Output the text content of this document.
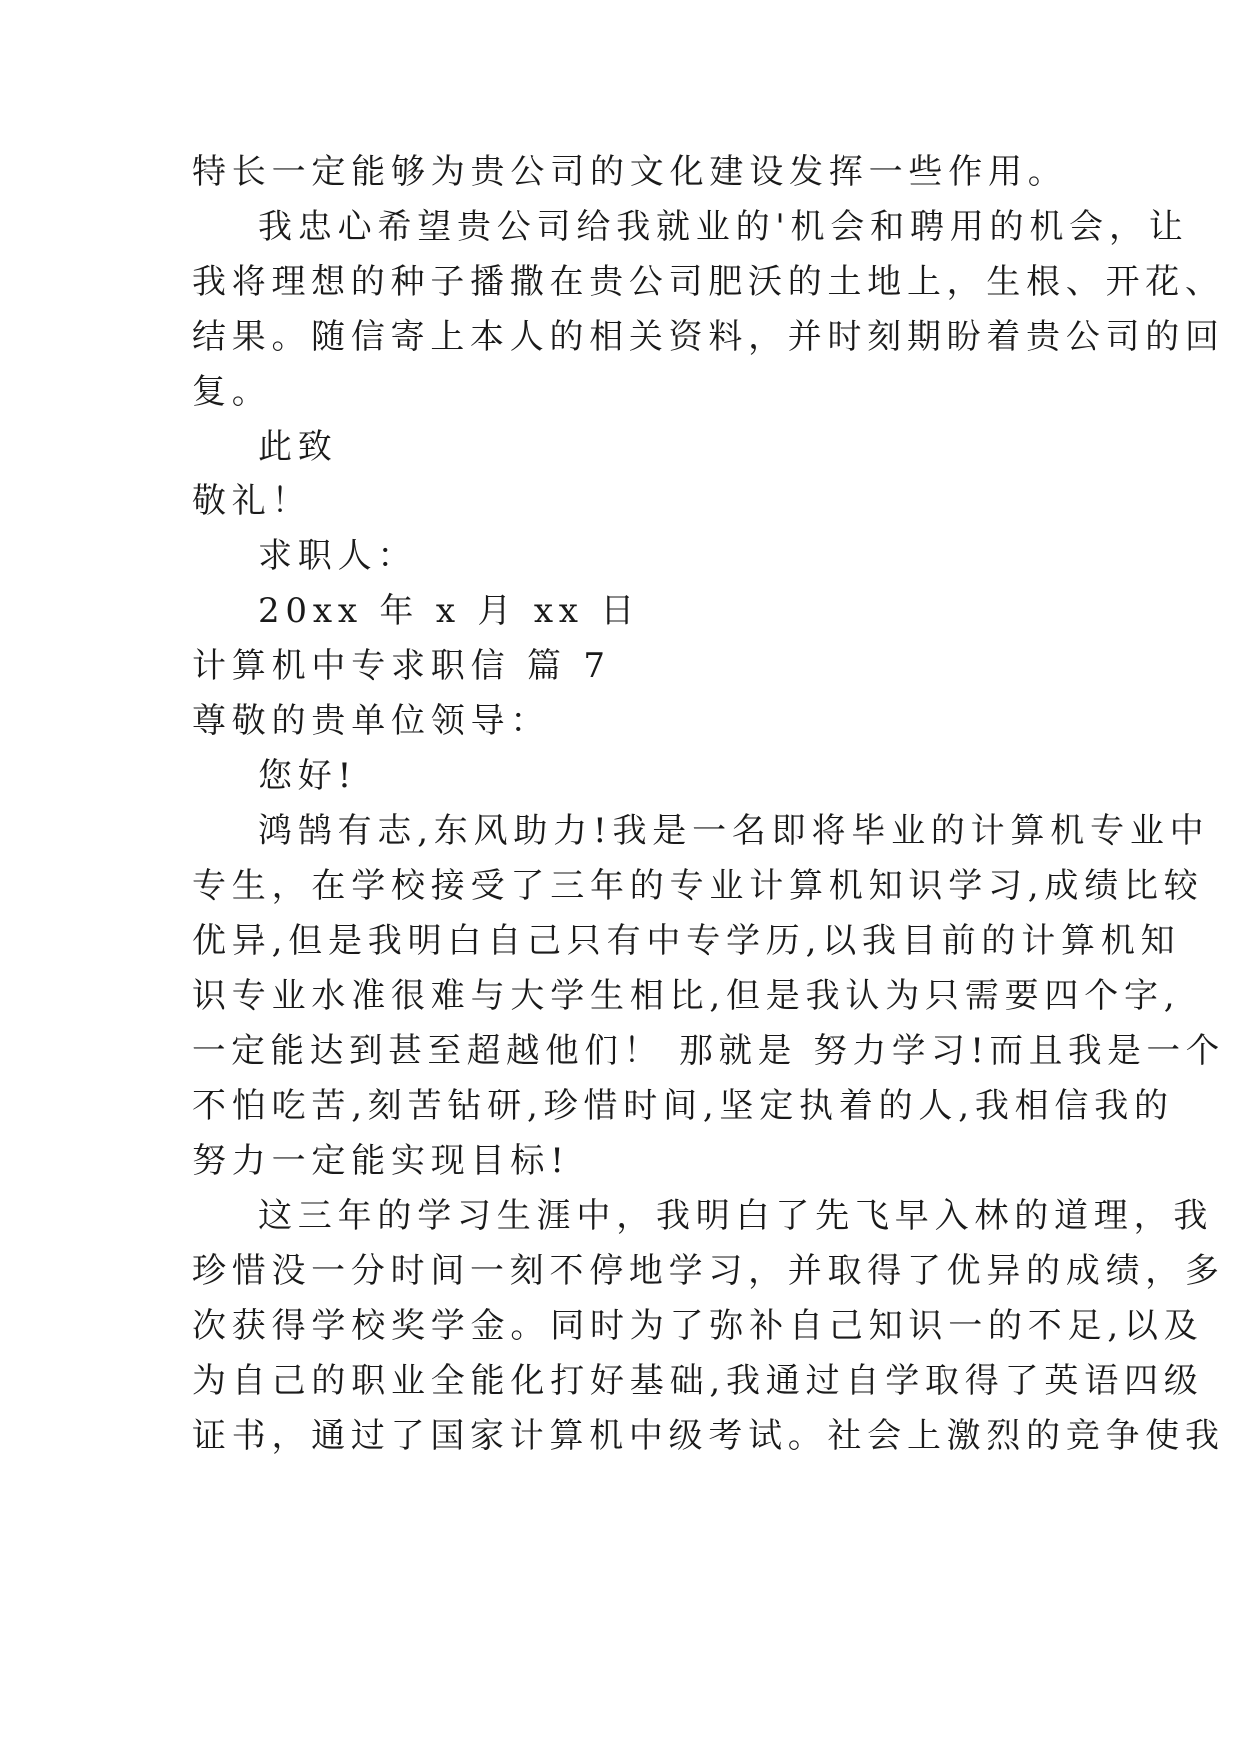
特长一定能够为贵公司的文化建设发挥一些作用。
我忠心希望贵公司给我就业的'机会和聘用的机会，让
我将理想的种子播撒在贵公司肥沃的土地上，生根、开花、
结果。随信寄上本人的相关资料，并时刻期盼着贵公司的回
复。
此致
敬礼！
求职人：
20xx 年 x 月 xx 日
计算机中专求职信 篇 7
尊敬的贵单位领导：
您好!
鸿鹄有志,东风助力!我是一名即将毕业的计算机专业中
专生，在学校接受了三年的专业计算机知识学习,成绩比较
优异,但是我明白自己只有中专学历,以我目前的计算机知
识专业水准很难与大学生相比,但是我认为只需要四个字,
一定能达到甚至超越他们！ 那就是 努力学习!而且我是一个
不怕吃苦,刻苦钻研,珍惜时间,坚定执着的人,我相信我的
努力一定能实现目标!
这三年的学习生涯中，我明白了先飞早入林的道理，我
珍惜没一分时间一刻不停地学习，并取得了优异的成绩，多
次获得学校奖学金。同时为了弥补自己知识一的不足,以及
为自己的职业全能化打好基础,我通过自学取得了英语四级
证书，通过了国家计算机中级考试。社会上激烈的竞争使我
